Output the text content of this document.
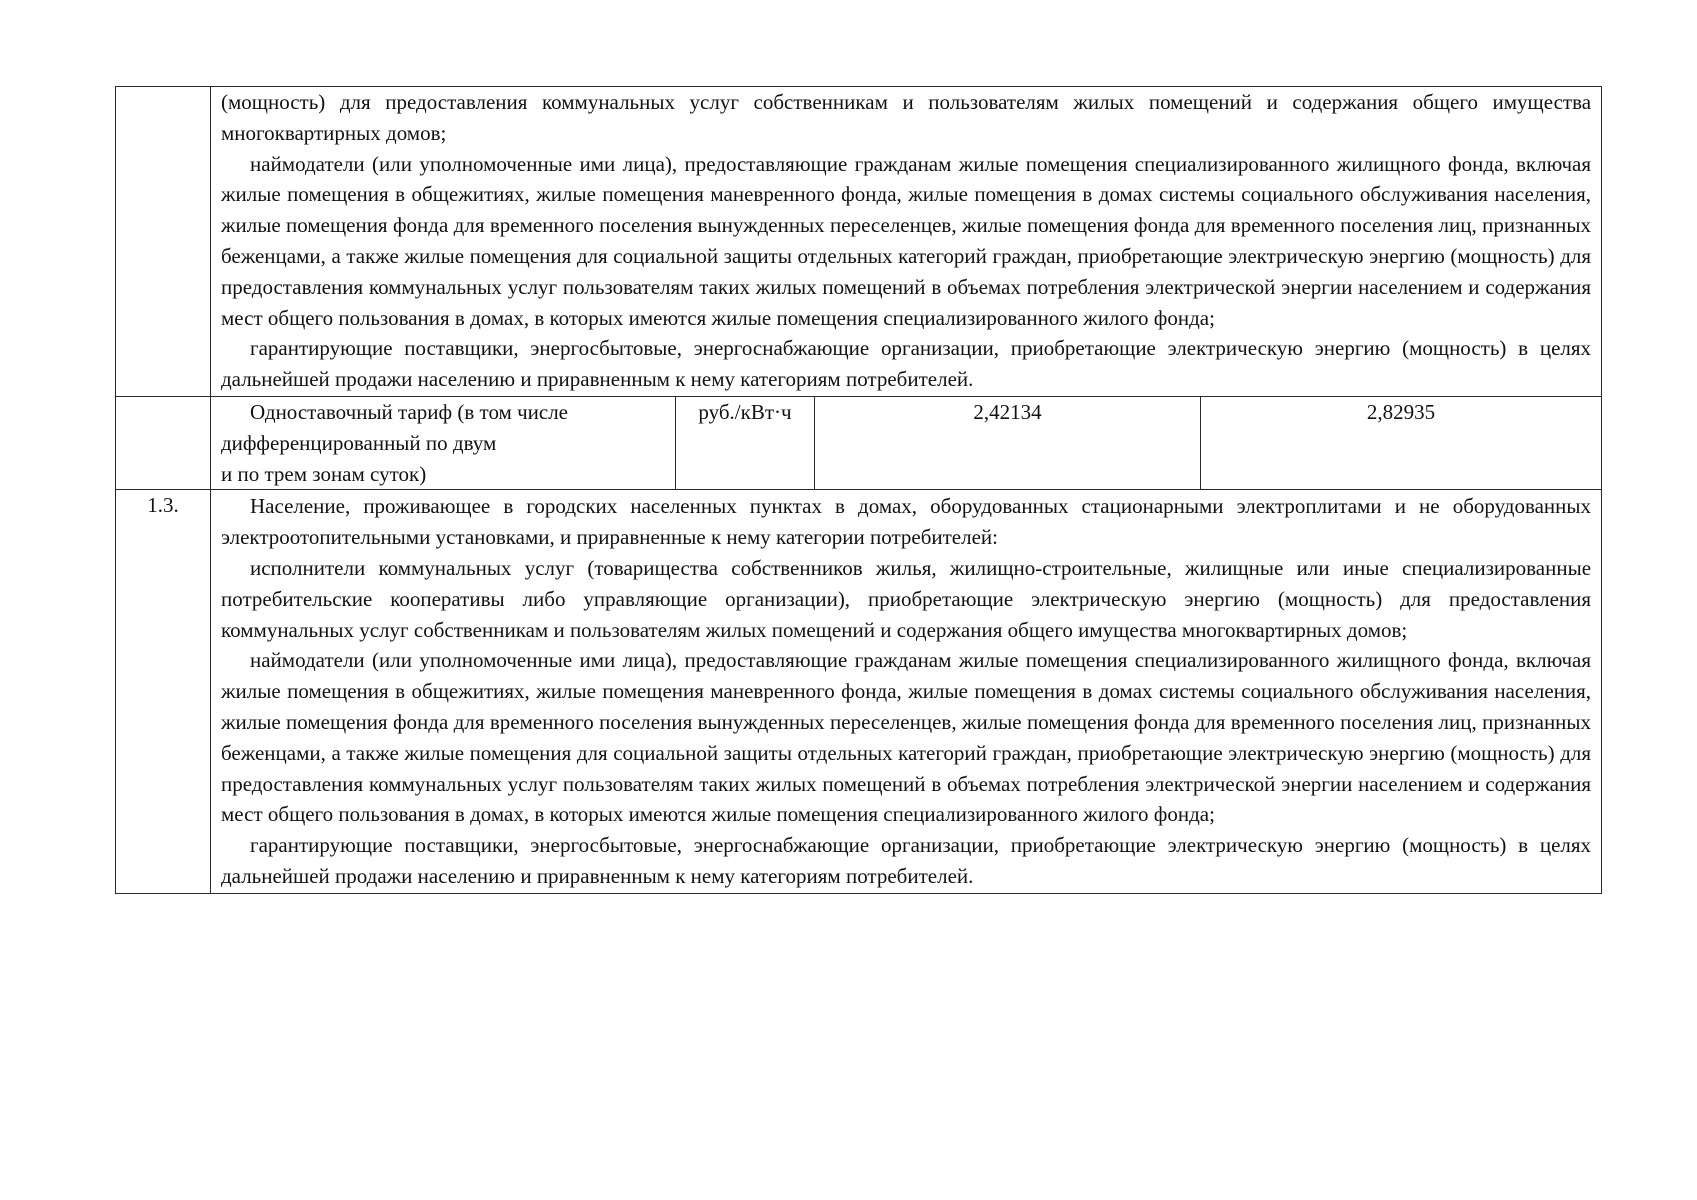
	(мощность) для предоставления коммунальных услуг собственникам и пользователям жилых помещений и содержания общего имущества многоквартирных домов;

наймодатели (или уполномоченные ими лица), предоставляющие гражданам жилые помещения специализированного жилищного фонда, включая жилые помещения в общежитиях, жилые помещения маневренного фонда, жилые помещения в домах системы социального обслуживания населения, жилые помещения фонда для временного поселения вынужденных переселенцев, жилые помещения фонда для временного поселения лиц, признанных беженцами, а также жилые помещения для социальной защиты отдельных категорий граждан, приобретающие электрическую энергию (мощность) для предоставления коммунальных услуг пользователям таких жилых помещений в объемах потребления электрической энергии населением и содержания мест общего пользования в домах, в которых имеются жилые помещения специализированного жилого фонда;

гарантирующие поставщики, энергосбытовые, энергоснабжающие организации, приобретающие электрическую энергию (мощность) в целях дальнейшей продажи населению и приравненным к нему категориям потребителей.			

	Одноставочный тариф (в том числе

дифференцированный по двум

и по трем зонам суток)	руб./кВт·ч	2,42134	2,82935
1.3.	Население, проживающее в городских населенных пунктах в домах, оборудованных стационарными электроплитами и не оборудованных электроотопительными установками, и приравненные к нему категории потребителей:

исполнители коммунальных услуг (товарищества собственников жилья, жилищно-строительные, жилищные или иные специализированные потребительские кооперативы либо управляющие организации), приобретающие электрическую энергию (мощность) для предоставления коммунальных услуг собственникам и пользователям жилых помещений и содержания общего имущества многоквартирных домов;

наймодатели (или уполномоченные ими лица), предоставляющие гражданам жилые помещения специализированного жилищного фонда, включая жилые помещения в общежитиях, жилые помещения маневренного фонда, жилые помещения в домах системы социального обслуживания населения, жилые помещения фонда для временного поселения вынужденных переселенцев, жилые помещения фонда для временного поселения лиц, признанных беженцами, а также жилые помещения для социальной защиты отдельных категорий граждан, приобретающие электрическую энергию (мощность) для предоставления коммунальных услуг пользователям таких жилых помещений в объемах потребления электрической энергии населением и содержания мест общего пользования в домах, в которых имеются жилые помещения специализированного жилого фонда;

гарантирующие поставщики, энергосбытовые, энергоснабжающие организации, приобретающие электрическую энергию (мощность) в целях дальнейшей продажи населению и приравненным к нему категориям потребителей.			
